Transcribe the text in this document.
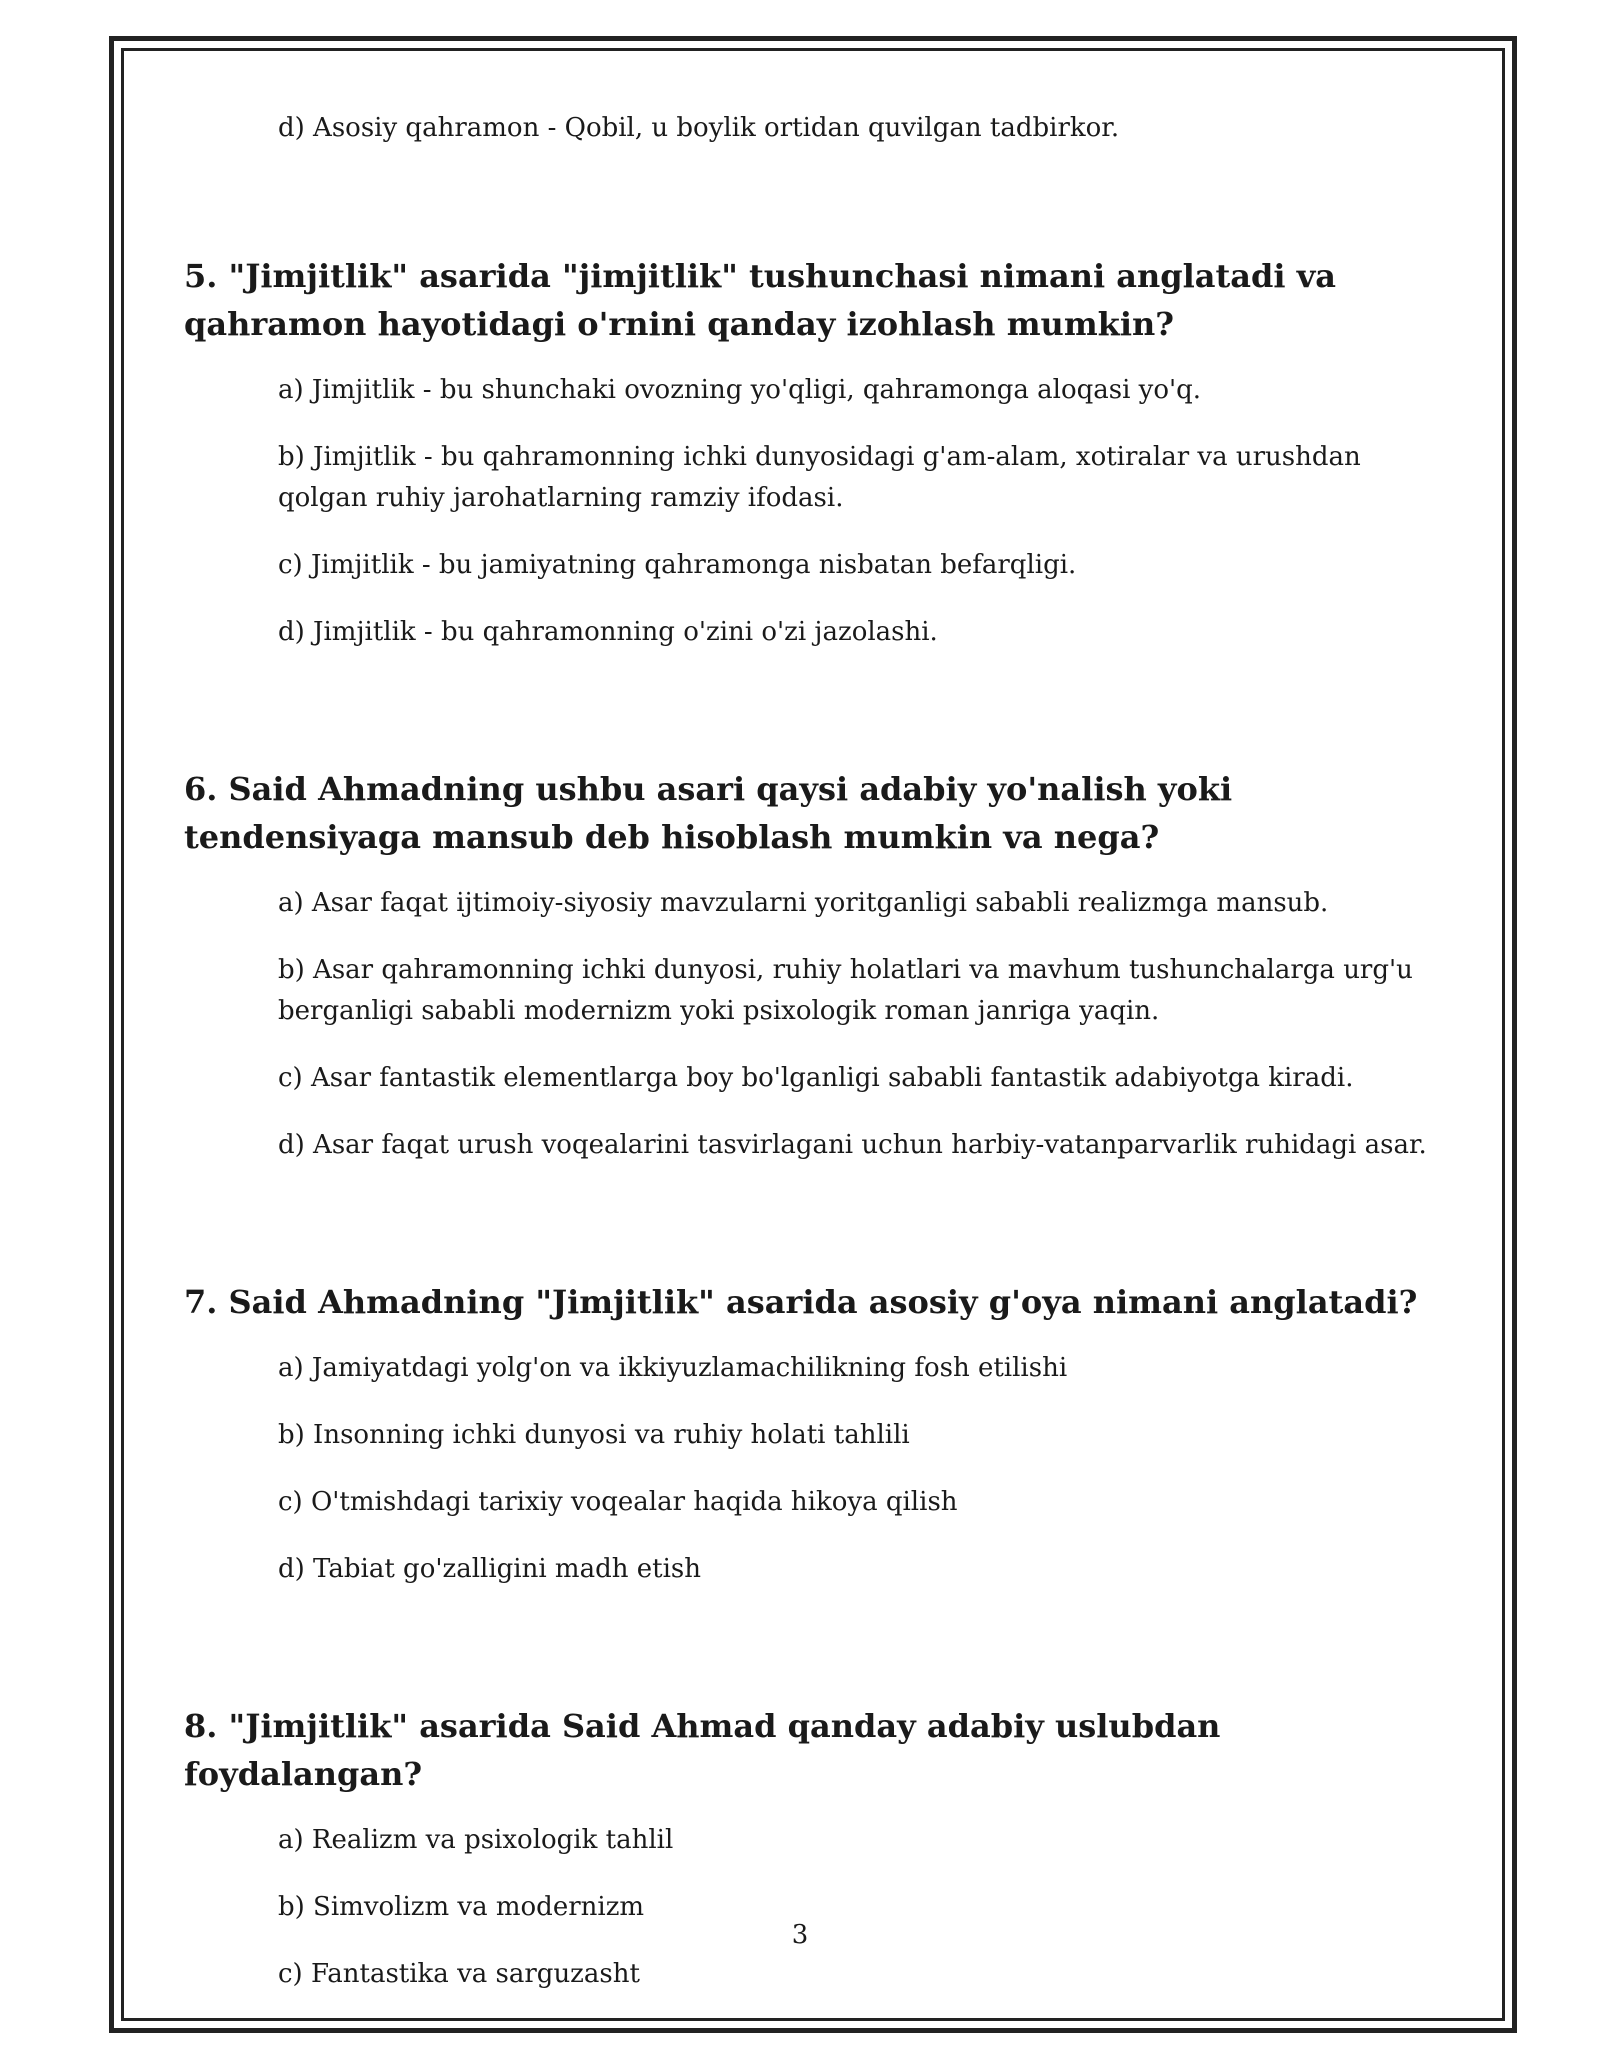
d) Asosiy qahramon - Qobil, u boylik ortidan quvilgan tadbirkor.
5. "Jimjitlik" asarida "jimjitlik" tushunchasi nimani anglatadi va qahramon hayotidagi o'rnini qanday izohlash mumkin?
a) Jimjitlik - bu shunchaki ovozning yo'qligi, qahramonga aloqasi yo'q.
b) Jimjitlik - bu qahramonning ichki dunyosidagi g'am-alam, xotiralar va urushdan qolgan ruhiy jarohatlarning ramziy ifodasi.
c) Jimjitlik - bu jamiyatning qahramonga nisbatan befarqligi.
d) Jimjitlik - bu qahramonning o'zini o'zi jazolashi.
6. Said Ahmadning ushbu asari qaysi adabiy yo'nalish yoki tendensiyaga mansub deb hisoblash mumkin va nega?
a) Asar faqat ijtimoiy-siyosiy mavzularni yoritganligi sababli realizmga mansub.
b) Asar qahramonning ichki dunyosi, ruhiy holatlari va mavhum tushunchalarga urg'u berganligi sababli modernizm yoki psixologik roman janriga yaqin.
c) Asar fantastik elementlarga boy bo'lganligi sababli fantastik adabiyotga kiradi.
d) Asar faqat urush voqealarini tasvirlagani uchun harbiy-vatanparvarlik ruhidagi asar.
7. Said Ahmadning "Jimjitlik" asarida asosiy g'oya nimani anglatadi?
a) Jamiyatdagi yolg'on va ikkiyuzlamachilikning fosh etilishi
b) Insonning ichki dunyosi va ruhiy holati tahlili
c) O'tmishdagi tarixiy voqealar haqida hikoya qilish
d) Tabiat go'zalligini madh etish
8. "Jimjitlik" asarida Said Ahmad qanday adabiy uslubdan foydalangan?
a) Realizm va psixologik tahlil
b) Simvolizm va modernizm
c) Fantastika va sarguzasht
3
